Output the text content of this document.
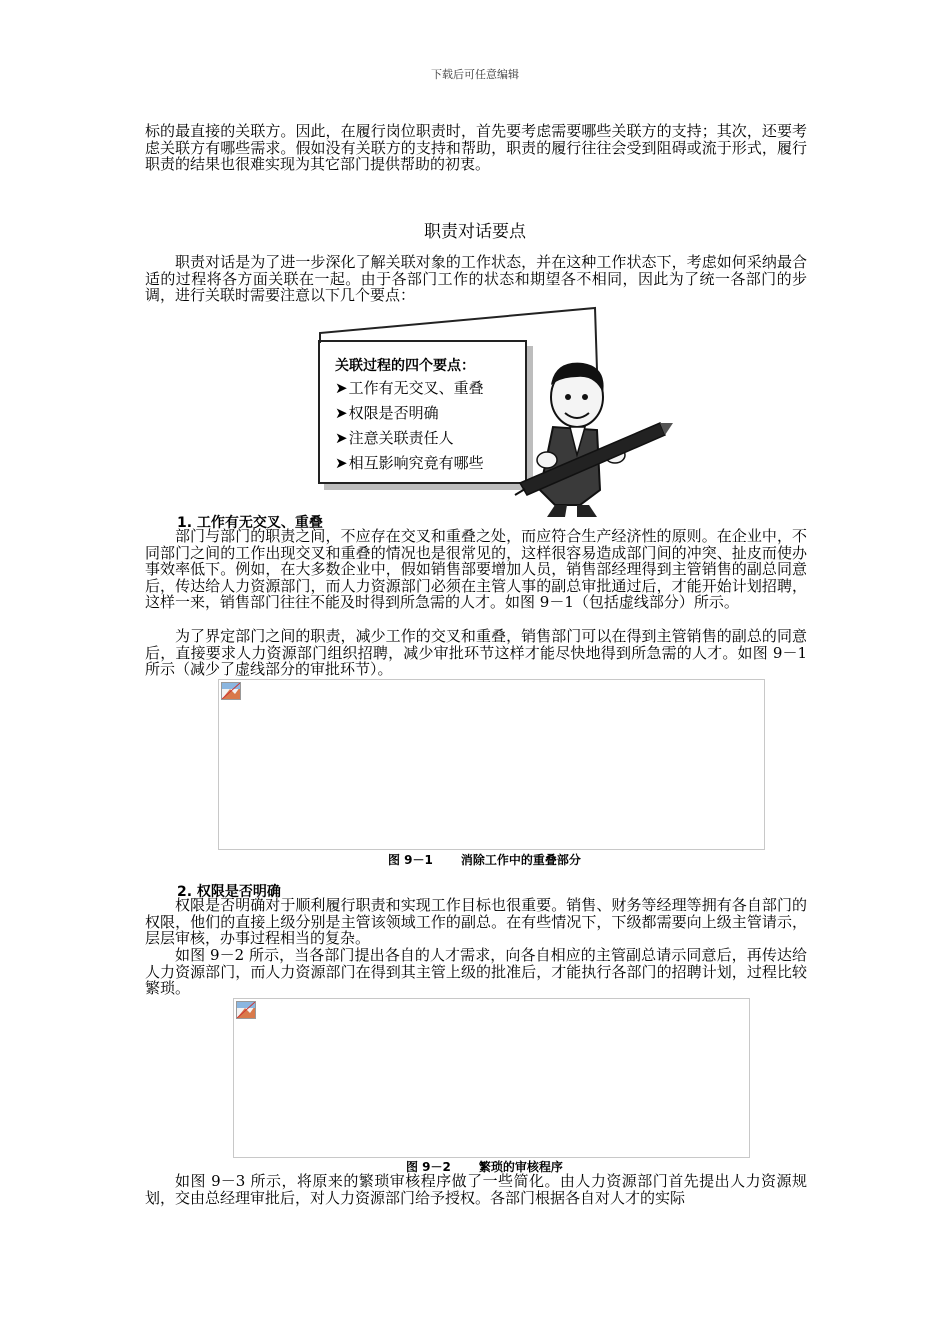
下载后可任意编辑

标的最直接的关联方。因此，在履行岗位职责时，首先要考虑需要哪些关联方的支持；其次，还要考虑关联方有哪些需求。假如没有关联方的支持和帮助，职责的履行往往会受到阻碍或流于形式，履行职责的结果也很难实现为其它部门提供帮助的初衷。

职责对话要点

职责对话是为了进一步深化了解关联对象的工作状态，并在这种工作状态下，考虑如何采纳最合适的过程将各方面关联在一起。由于各部门工作的状态和期望各不相同，因此为了统一各部门的步调，进行关联时需要注意以下几个要点：

关联过程的四个要点：
➤工作有无交叉、重叠
➤权限是否明确
➤注意关联责任人
➤相互影响究竟有哪些
1. 工作有无交叉、重叠

部门与部门的职责之间，不应存在交叉和重叠之处，而应符合生产经济性的原则。在企业中，不同部门之间的工作出现交叉和重叠的情况也是很常见的，这样很容易造成部门间的冲突、扯皮而使办事效率低下。例如，在大多数企业中，假如销售部要增加人员，销售部经理得到主管销售的副总同意后，传达给人力资源部门，而人力资源部门必须在主管人事的副总审批通过后，才能开始计划招聘，这样一来，销售部门往往不能及时得到所急需的人才。如图 9－1（包括虚线部分）所示。

为了界定部门之间的职责，减少工作的交叉和重叠，销售部门可以在得到主管销售的副总的同意后，直接要求人力资源部门组织招聘，减少审批环节这样才能尽快地得到所急需的人才。如图 9－1 所示（减少了虚线部分的审批环节）。

图 9－1 消除工作中的重叠部分
2. 权限是否明确

权限是否明确对于顺利履行职责和实现工作目标也很重要。销售、财务等经理等拥有各自部门的权限，他们的直接上级分别是主管该领域工作的副总。在有些情况下，下级都需要向上级主管请示，层层审核，办事过程相当的复杂。

如图 9－2 所示，当各部门提出各自的人才需求，向各自相应的主管副总请示同意后，再传达给人力资源部门，而人力资源部门在得到其主管上级的批准后，才能执行各部门的招聘计划，过程比较繁琐。

图 9－2 繁琐的审核程序

如图 9－3 所示，将原来的繁琐审核程序做了一些简化。由人力资源部门首先提出人力资源规划，交由总经理审批后，对人力资源部门给予授权。各部门根据各自对人才的实际
